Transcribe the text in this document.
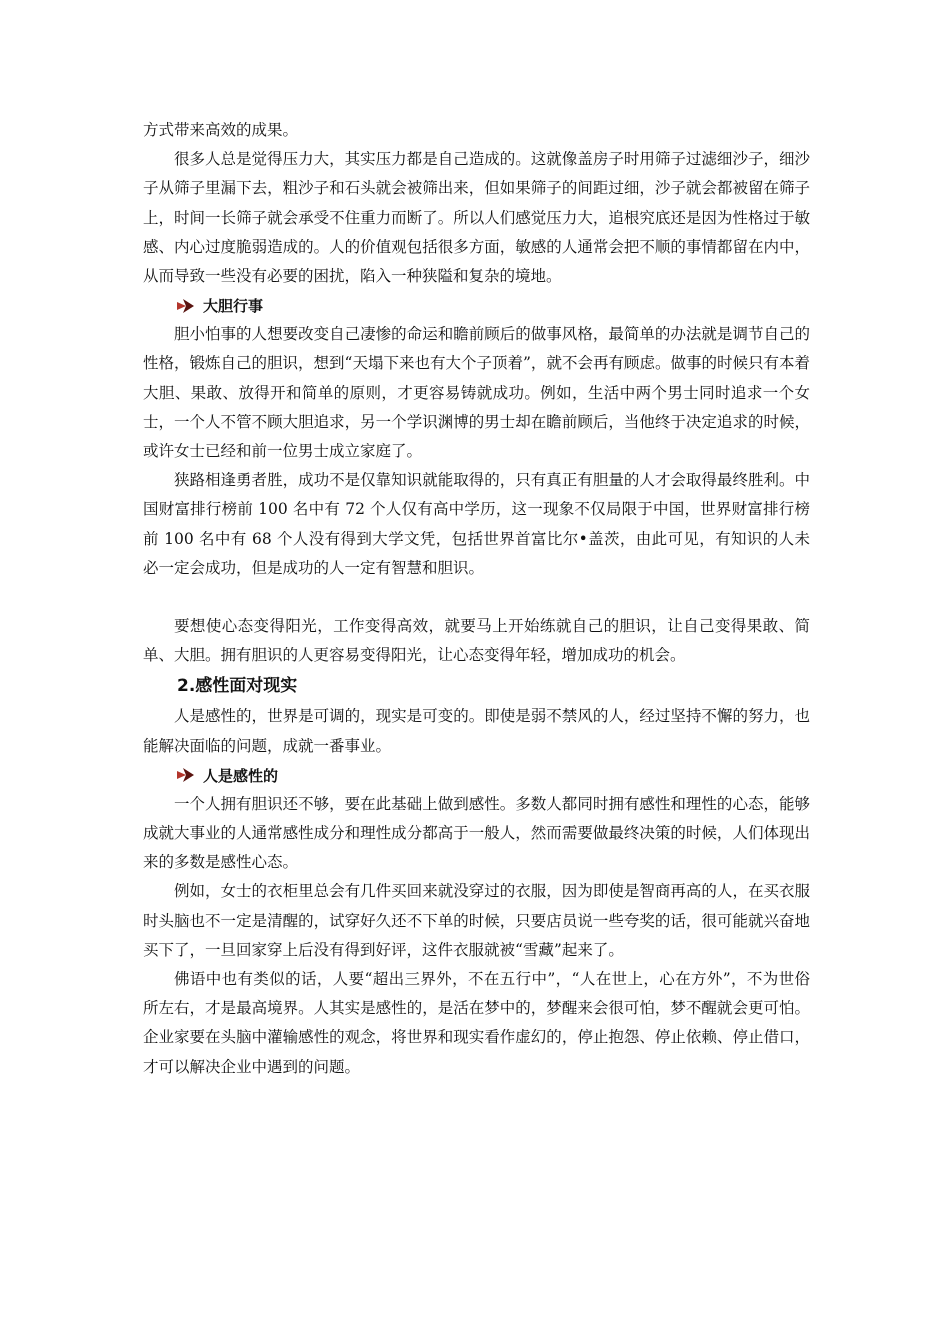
方式带来高效的成果。

很多人总是觉得压力大，其实压力都是自己造成的。这就像盖房子时用筛子过滤细沙子，细沙子从筛子里漏下去，粗沙子和石头就会被筛出来，但如果筛子的间距过细，沙子就会都被留在筛子上，时间一长筛子就会承受不住重力而断了。所以人们感觉压力大，追根究底还是因为性格过于敏感、内心过度脆弱造成的。人的价值观包括很多方面，敏感的人通常会把不顺的事情都留在内中，从而导致一些没有必要的困扰，陷入一种狭隘和复杂的境地。

大胆行事

胆小怕事的人想要改变自己凄惨的命运和瞻前顾后的做事风格，最简单的办法就是调节自己的性格，锻炼自己的胆识，想到“天塌下来也有大个子顶着”，就不会再有顾虑。做事的时候只有本着大胆、果敢、放得开和简单的原则，才更容易铸就成功。例如，生活中两个男士同时追求一个女士，一个人不管不顾大胆追求，另一个学识渊博的男士却在瞻前顾后，当他终于决定追求的时候，或许女士已经和前一位男士成立家庭了。

狭路相逢勇者胜，成功不是仅靠知识就能取得的，只有真正有胆量的人才会取得最终胜利。中国财富排行榜前 100 名中有 72 个人仅有高中学历，这一现象不仅局限于中国，世界财富排行榜前 100 名中有 68 个人没有得到大学文凭，包括世界首富比尔•盖茨，由此可见，有知识的人未必一定会成功，但是成功的人一定有智慧和胆识。

要想使心态变得阳光，工作变得高效，就要马上开始练就自己的胆识，让自己变得果敢、简单、大胆。拥有胆识的人更容易变得阳光，让心态变得年轻，增加成功的机会。

2.感性面对现实

人是感性的，世界是可调的，现实是可变的。即使是弱不禁风的人，经过坚持不懈的努力，也能解决面临的问题，成就一番事业。

人是感性的

一个人拥有胆识还不够，要在此基础上做到感性。多数人都同时拥有感性和理性的心态，能够成就大事业的人通常感性成分和理性成分都高于一般人，然而需要做最终决策的时候，人们体现出来的多数是感性心态。

例如，女士的衣柜里总会有几件买回来就没穿过的衣服，因为即使是智商再高的人，在买衣服时头脑也不一定是清醒的，试穿好久还不下单的时候，只要店员说一些夸奖的话，很可能就兴奋地买下了，一旦回家穿上后没有得到好评，这件衣服就被“雪藏”起来了。

佛语中也有类似的话，人要“超出三界外，不在五行中”，“人在世上，心在方外”，不为世俗所左右，才是最高境界。人其实是感性的，是活在梦中的，梦醒来会很可怕，梦不醒就会更可怕。企业家要在头脑中灌输感性的观念，将世界和现实看作虚幻的，停止抱怨、停止依赖、停止借口，才可以解决企业中遇到的问题。
